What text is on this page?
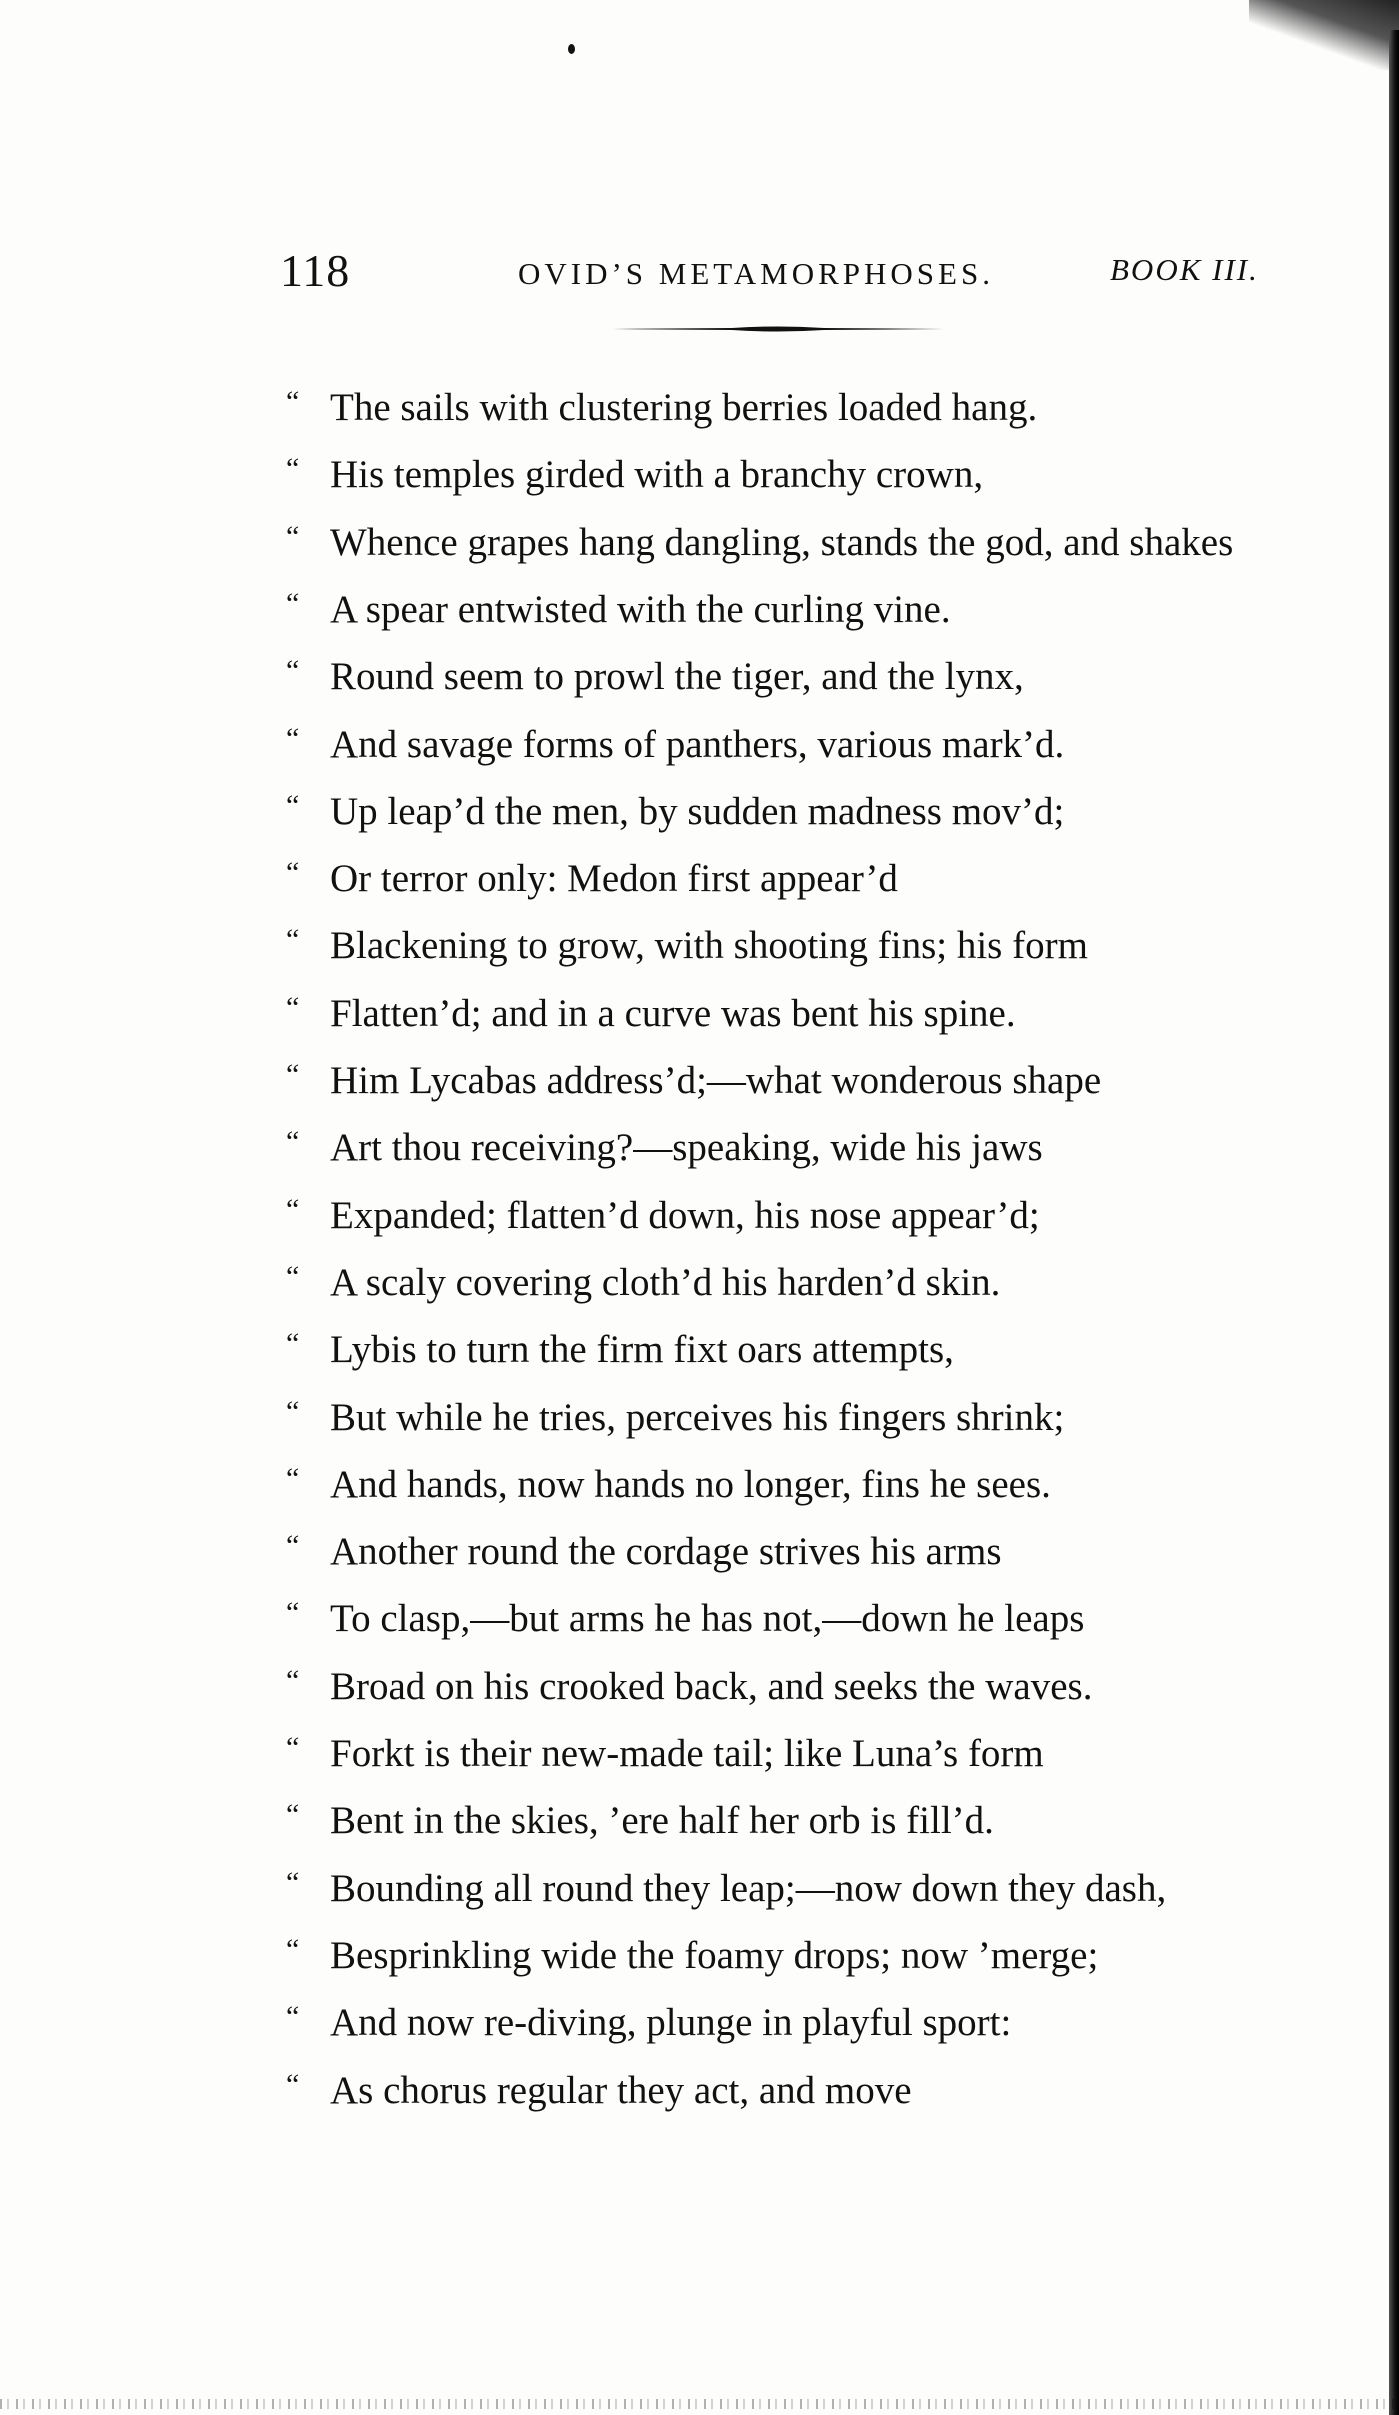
118	OVID’S METAMORPHOSES.	BOOK III.
“ The sails with clustering berries loaded hang.
“ His temples girded with a branchy crown,
“ Whence grapes hang dangling, stands the god, and shakes
“ A spear entwisted with the curling vine.
“ Round seem to prowl the tiger, and the lynx,
“ And savage forms of panthers, various mark’d.
“ Up leap’d the men, by sudden madness mov’d;
“ Or terror only: Medon first appear’d
“ Blackening to grow, with shooting fins; his form
“ Flatten’d; and in a curve was bent his spine.
“ Him Lycabas address’d;—what wonderous shape
“ Art thou receiving?—speaking, wide his jaws
“ Expanded; flatten’d down, his nose appear’d;
“ A scaly covering cloth’d his harden’d skin.
“ Lybis to turn the firm fixt oars attempts,
“ But while he tries, perceives his fingers shrink;
“ And hands, now hands no longer, fins he sees.
“ Another round the cordage strives his arms
“ To clasp,—but arms he has not,—down he leaps
“ Broad on his crooked back, and seeks the waves.
“ Forkt is their new-made tail; like Luna’s form
“ Bent in the skies, ’ere half her orb is fill’d.
“ Bounding all round they leap;—now down they dash,
“ Besprinkling wide the foamy drops; now ’merge;
“ And now re-diving, plunge in playful sport:
“ As chorus regular they act, and move
